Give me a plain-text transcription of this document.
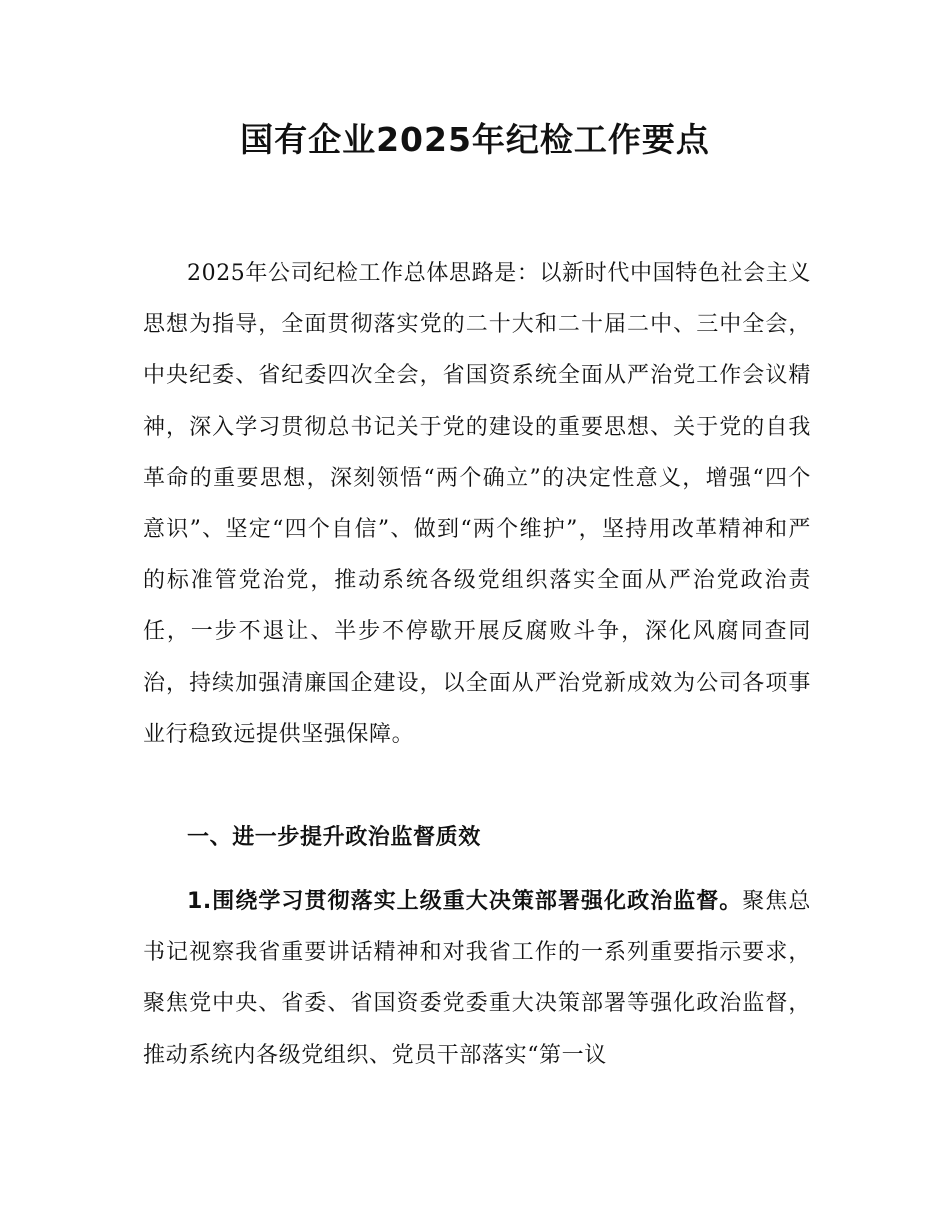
国有企业2025年纪检工作要点

2025年公司纪检工作总体思路是：以新时代中国特色社会主义思想为指导，全面贯彻落实党的二十大和二十届二中、三中全会，中央纪委、省纪委四次全会，省国资系统全面从严治党工作会议精神，深入学习贯彻总书记关于党的建设的重要思想、关于党的自我革命的重要思想，深刻领悟“两个确立”的决定性意义，增强“四个意识”、坚定“四个自信”、做到“两个维护”，坚持用改革精神和严的标准管党治党，推动系统各级党组织落实全面从严治党政治责任，一步不退让、半步不停歇开展反腐败斗争，深化风腐同查同治，持续加强清廉国企建设，以全面从严治党新成效为公司各项事业行稳致远提供坚强保障。

一、进一步提升政治监督质效

1.围绕学习贯彻落实上级重大决策部署强化政治监督。聚焦总书记视察我省重要讲话精神和对我省工作的一系列重要指示要求，聚焦党中央、省委、省国资委党委重大决策部署等强化政治监督，推动系统内各级党组织、党员干部落实“第一议
